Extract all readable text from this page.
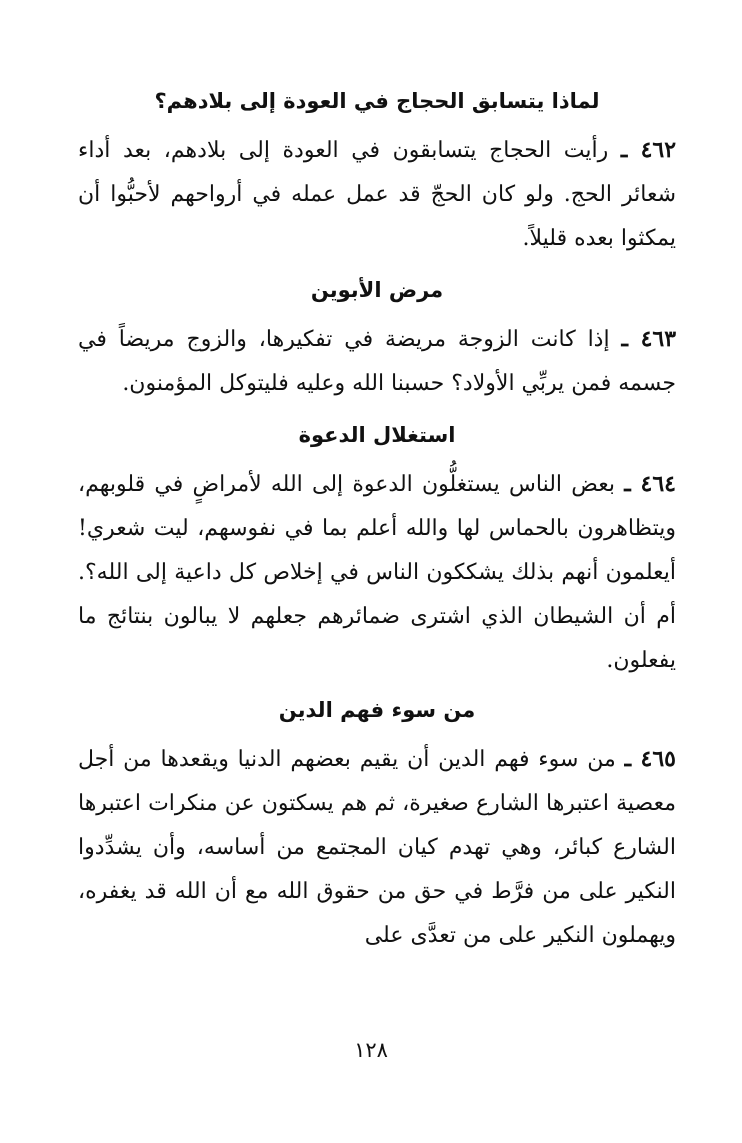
لماذا يتسابق الحجاج في العودة إلى بلادهم؟

٤٦٢ ـ رأيت الحجاج يتسابقون في العودة إلى بلادهم، بعد أداء شعائر الحج. ولو كان الحجّ قد عمل عمله في أرواحهم لأحبُّوا أن يمكثوا بعده قليلاً.

مرض الأبوين

٤٦٣ ـ إذا كانت الزوجة مريضة في تفكيرها، والزوج مريضاً في جسمه فمن يربِّي الأولاد؟ حسبنا الله وعليه فليتوكل المؤمنون.

استغلال الدعوة

٤٦٤ ـ بعض الناس يستغلُّون الدعوة إلى الله لأمراضٍ في قلوبهم، ويتظاهرون بالحماس لها والله أعلم بما في نفوسهم، ليت شعري! أيعلمون أنهم بذلك يشككون الناس في إخلاص كل داعية إلى الله؟. أم أن الشيطان الذي اشترى ضمائرهم جعلهم لا يبالون بنتائج ما يفعلون.

من سوء فهم الدين

٤٦٥ ـ من سوء فهم الدين أن يقيم بعضهم الدنيا ويقعدها من أجل معصية اعتبرها الشارع صغيرة، ثم هم يسكتون عن منكرات اعتبرها الشارع كبائر، وهي تهدم كيان المجتمع من أساسه، وأن يشدِّدوا النكير على من فرَّط في حق من حقوق الله مع أن الله قد يغفره، ويهملون النكير على من تعدَّى على

١٢٨
